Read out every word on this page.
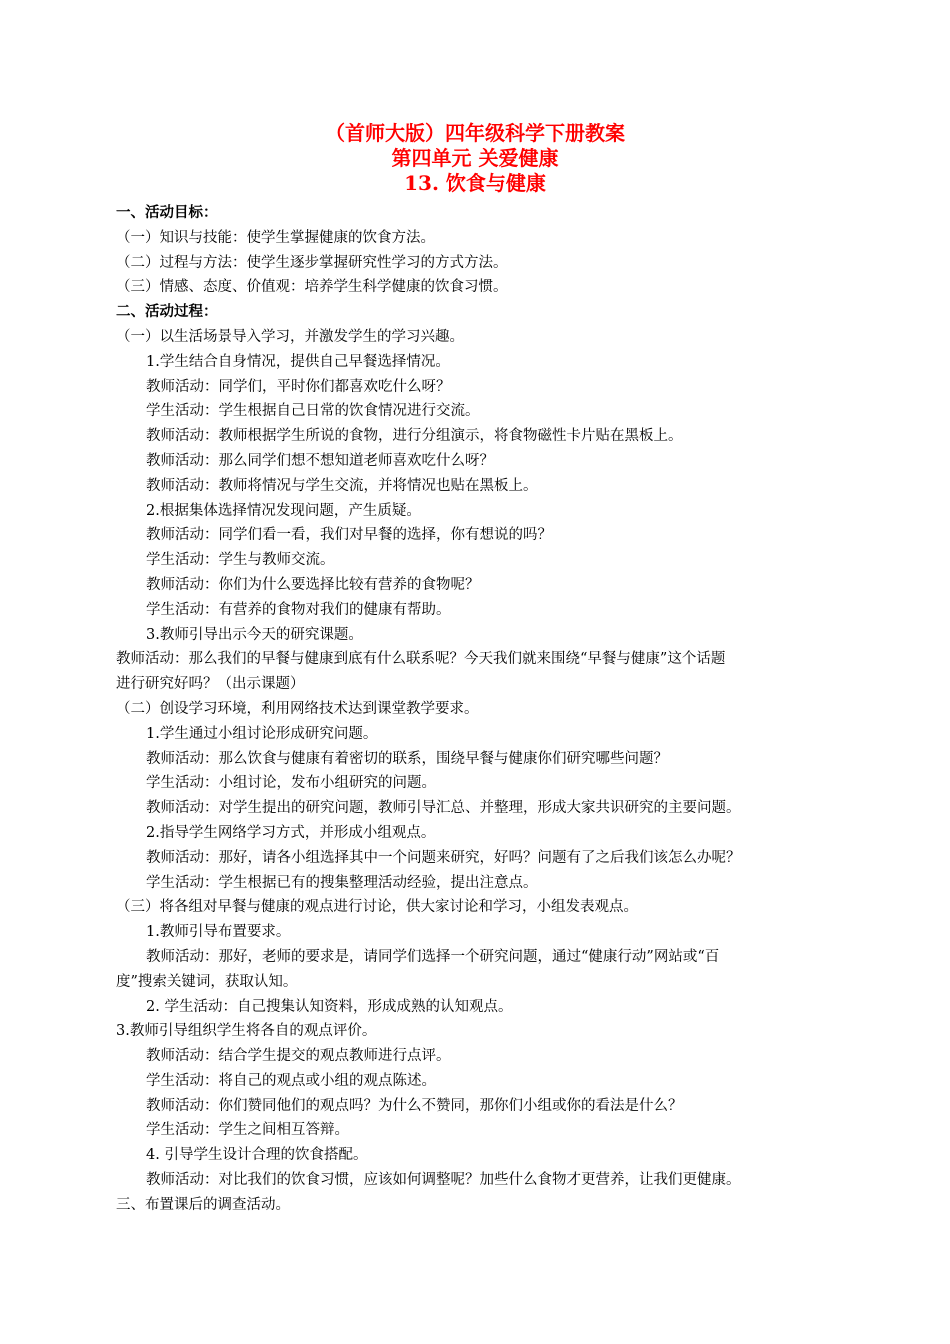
（首师大版）四年级科学下册教案
第四单元 关爱健康
13. 饮食与健康
一、活动目标：
（一）知识与技能：使学生掌握健康的饮食方法。
（二）过程与方法：使学生逐步掌握研究性学习的方式方法。
（三）情感、态度、价值观：培养学生科学健康的饮食习惯。
二、活动过程：
（一）以生活场景导入学习，并激发学生的学习兴趣。
1.学生结合自身情况，提供自己早餐选择情况。
教师活动：同学们，平时你们都喜欢吃什么呀？
学生活动：学生根据自己日常的饮食情况进行交流。
教师活动：教师根据学生所说的食物，进行分组演示，将食物磁性卡片贴在黑板上。
教师活动：那么同学们想不想知道老师喜欢吃什么呀？
教师活动：教师将情况与学生交流，并将情况也贴在黑板上。
2.根据集体选择情况发现问题，产生质疑。
教师活动：同学们看一看，我们对早餐的选择，你有想说的吗？
学生活动：学生与教师交流。
教师活动：你们为什么要选择比较有营养的食物呢？
学生活动：有营养的食物对我们的健康有帮助。
3.教师引导出示今天的研究课题。
教师活动：那么我们的早餐与健康到底有什么联系呢？今天我们就来围绕“早餐与健康”这个话题
进行研究好吗？（出示课题）
（二）创设学习环境，利用网络技术达到课堂教学要求。
1.学生通过小组讨论形成研究问题。
教师活动：那么饮食与健康有着密切的联系，围绕早餐与健康你们研究哪些问题？
学生活动：小组讨论，发布小组研究的问题。
教师活动：对学生提出的研究问题，教师引导汇总、并整理，形成大家共识研究的主要问题。
2.指导学生网络学习方式，并形成小组观点。
教师活动：那好，请各小组选择其中一个问题来研究，好吗？问题有了之后我们该怎么办呢？
学生活动：学生根据已有的搜集整理活动经验，提出注意点。
（三）将各组对早餐与健康的观点进行讨论，供大家讨论和学习，小组发表观点。
1.教师引导布置要求。
教师活动：那好，老师的要求是，请同学们选择一个研究问题，通过“健康行动”网站或“百
度”搜索关键词，获取认知。
2. 学生活动：自己搜集认知资料，形成成熟的认知观点。
3.教师引导组织学生将各自的观点评价。
教师活动：结合学生提交的观点教师进行点评。
学生活动：将自己的观点或小组的观点陈述。
教师活动：你们赞同他们的观点吗？为什么不赞同，那你们小组或你的看法是什么？
学生活动：学生之间相互答辩。
4. 引导学生设计合理的饮食搭配。
教师活动：对比我们的饮食习惯，应该如何调整呢？加些什么食物才更营养，让我们更健康。
三、布置课后的调查活动。
